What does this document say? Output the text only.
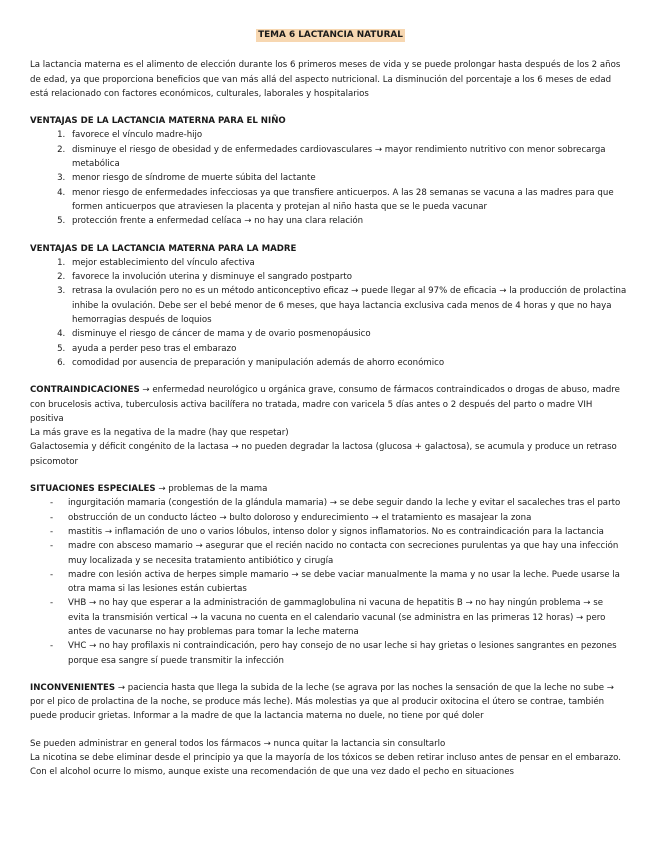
TEMA 6 LACTANCIA NATURAL

La lactancia materna es el alimento de elección durante los 6 primeros meses de vida y se puede prolongar hasta después de los 2 años de edad, ya que proporciona beneficios que van más allá del aspecto nutricional. La disminución del porcentaje a los 6 meses de edad está relacionado con factores económicos, culturales, laborales y hospitalarios

VENTAJAS DE LA LACTANCIA MATERNA PARA EL NIÑO

1. favorece el vínculo madre-hijo
2. disminuye el riesgo de obesidad y de enfermedades cardiovasculares → mayor rendimiento nutritivo con menor sobrecarga metabólica
3. menor riesgo de síndrome de muerte súbita del lactante
4. menor riesgo de enfermedades infecciosas ya que transfiere anticuerpos. A las 28 semanas se vacuna a las madres para que formen anticuerpos que atraviesen la placenta y protejan al niño hasta que se le pueda vacunar
5. protección frente a enfermedad celíaca → no hay una clara relación

VENTAJAS DE LA LACTANCIA MATERNA PARA LA MADRE

1. mejor establecimiento del vínculo afectiva
2. favorece la involución uterina y disminuye el sangrado postparto
3. retrasa la ovulación pero no es un método anticonceptivo eficaz → puede llegar al 97% de eficacia → la producción de prolactina inhibe la ovulación. Debe ser el bebé menor de 6 meses, que haya lactancia exclusiva cada menos de 4 horas y que no haya hemorragias después de loquios
4. disminuye el riesgo de cáncer de mama y de ovario posmenopáusico
5. ayuda a perder peso tras el embarazo
6. comodidad por ausencia de preparación y manipulación además de ahorro económico

CONTRAINDICACIONES → enfermedad neurológico u orgánica grave, consumo de fármacos contraindicados o drogas de abuso, madre con brucelosis activa, tuberculosis activa bacilífera no tratada, madre con varicela 5 días antes o 2 después del parto o madre VIH positiva

La más grave es la negativa de la madre (hay que respetar)

Galactosemia y déficit congénito de la lactasa → no pueden degradar la lactosa (glucosa + galactosa), se acumula y produce un retraso psicomotor

SITUACIONES ESPECIALES → problemas de la mama

- ingurgitación mamaria (congestión de la glándula mamaria) → se debe seguir dando la leche y evitar el sacaleches tras el parto
- obstrucción de un conducto lácteo → bulto doloroso y endurecimiento → el tratamiento es masajear la zona
- mastitis → inflamación de uno o varios lóbulos, intenso dolor y signos inflamatorios. No es contraindicación para la lactancia
- madre con absceso mamario → asegurar que el recién nacido no contacta con secreciones purulentas ya que hay una infección muy localizada y se necesita tratamiento antibiótico y cirugía
- madre con lesión activa de herpes simple mamario → se debe vaciar manualmente la mama y no usar la leche. Puede usarse la otra mama si las lesiones están cubiertas
- VHB → no hay que esperar a la administración de gammaglobulina ni vacuna de hepatitis B → no hay ningún problema → se evita la transmisión vertical → la vacuna no cuenta en el calendario vacunal (se administra en las primeras 12 horas) → pero antes de vacunarse no hay problemas para tomar la leche materna
- VHC → no hay profilaxis ni contraindicación, pero hay consejo de no usar leche si hay grietas o lesiones sangrantes en pezones porque esa sangre sí puede transmitir la infección

INCONVENIENTES → paciencia hasta que llega la subida de la leche (se agrava por las noches la sensación de que la leche no sube → por el pico de prolactina de la noche, se produce más leche). Más molestias ya que al producir oxitocina el útero se contrae, también puede producir grietas. Informar a la madre de que la lactancia materna no duele, no tiene por qué doler

Se pueden administrar en general todos los fármacos → nunca quitar la lactancia sin consultarlo

La nicotina se debe eliminar desde el principio ya que la mayoría de los tóxicos se deben retirar incluso antes de pensar en el embarazo. Con el alcohol ocurre lo mismo, aunque existe una recomendación de que una vez dado el pecho en situaciones
